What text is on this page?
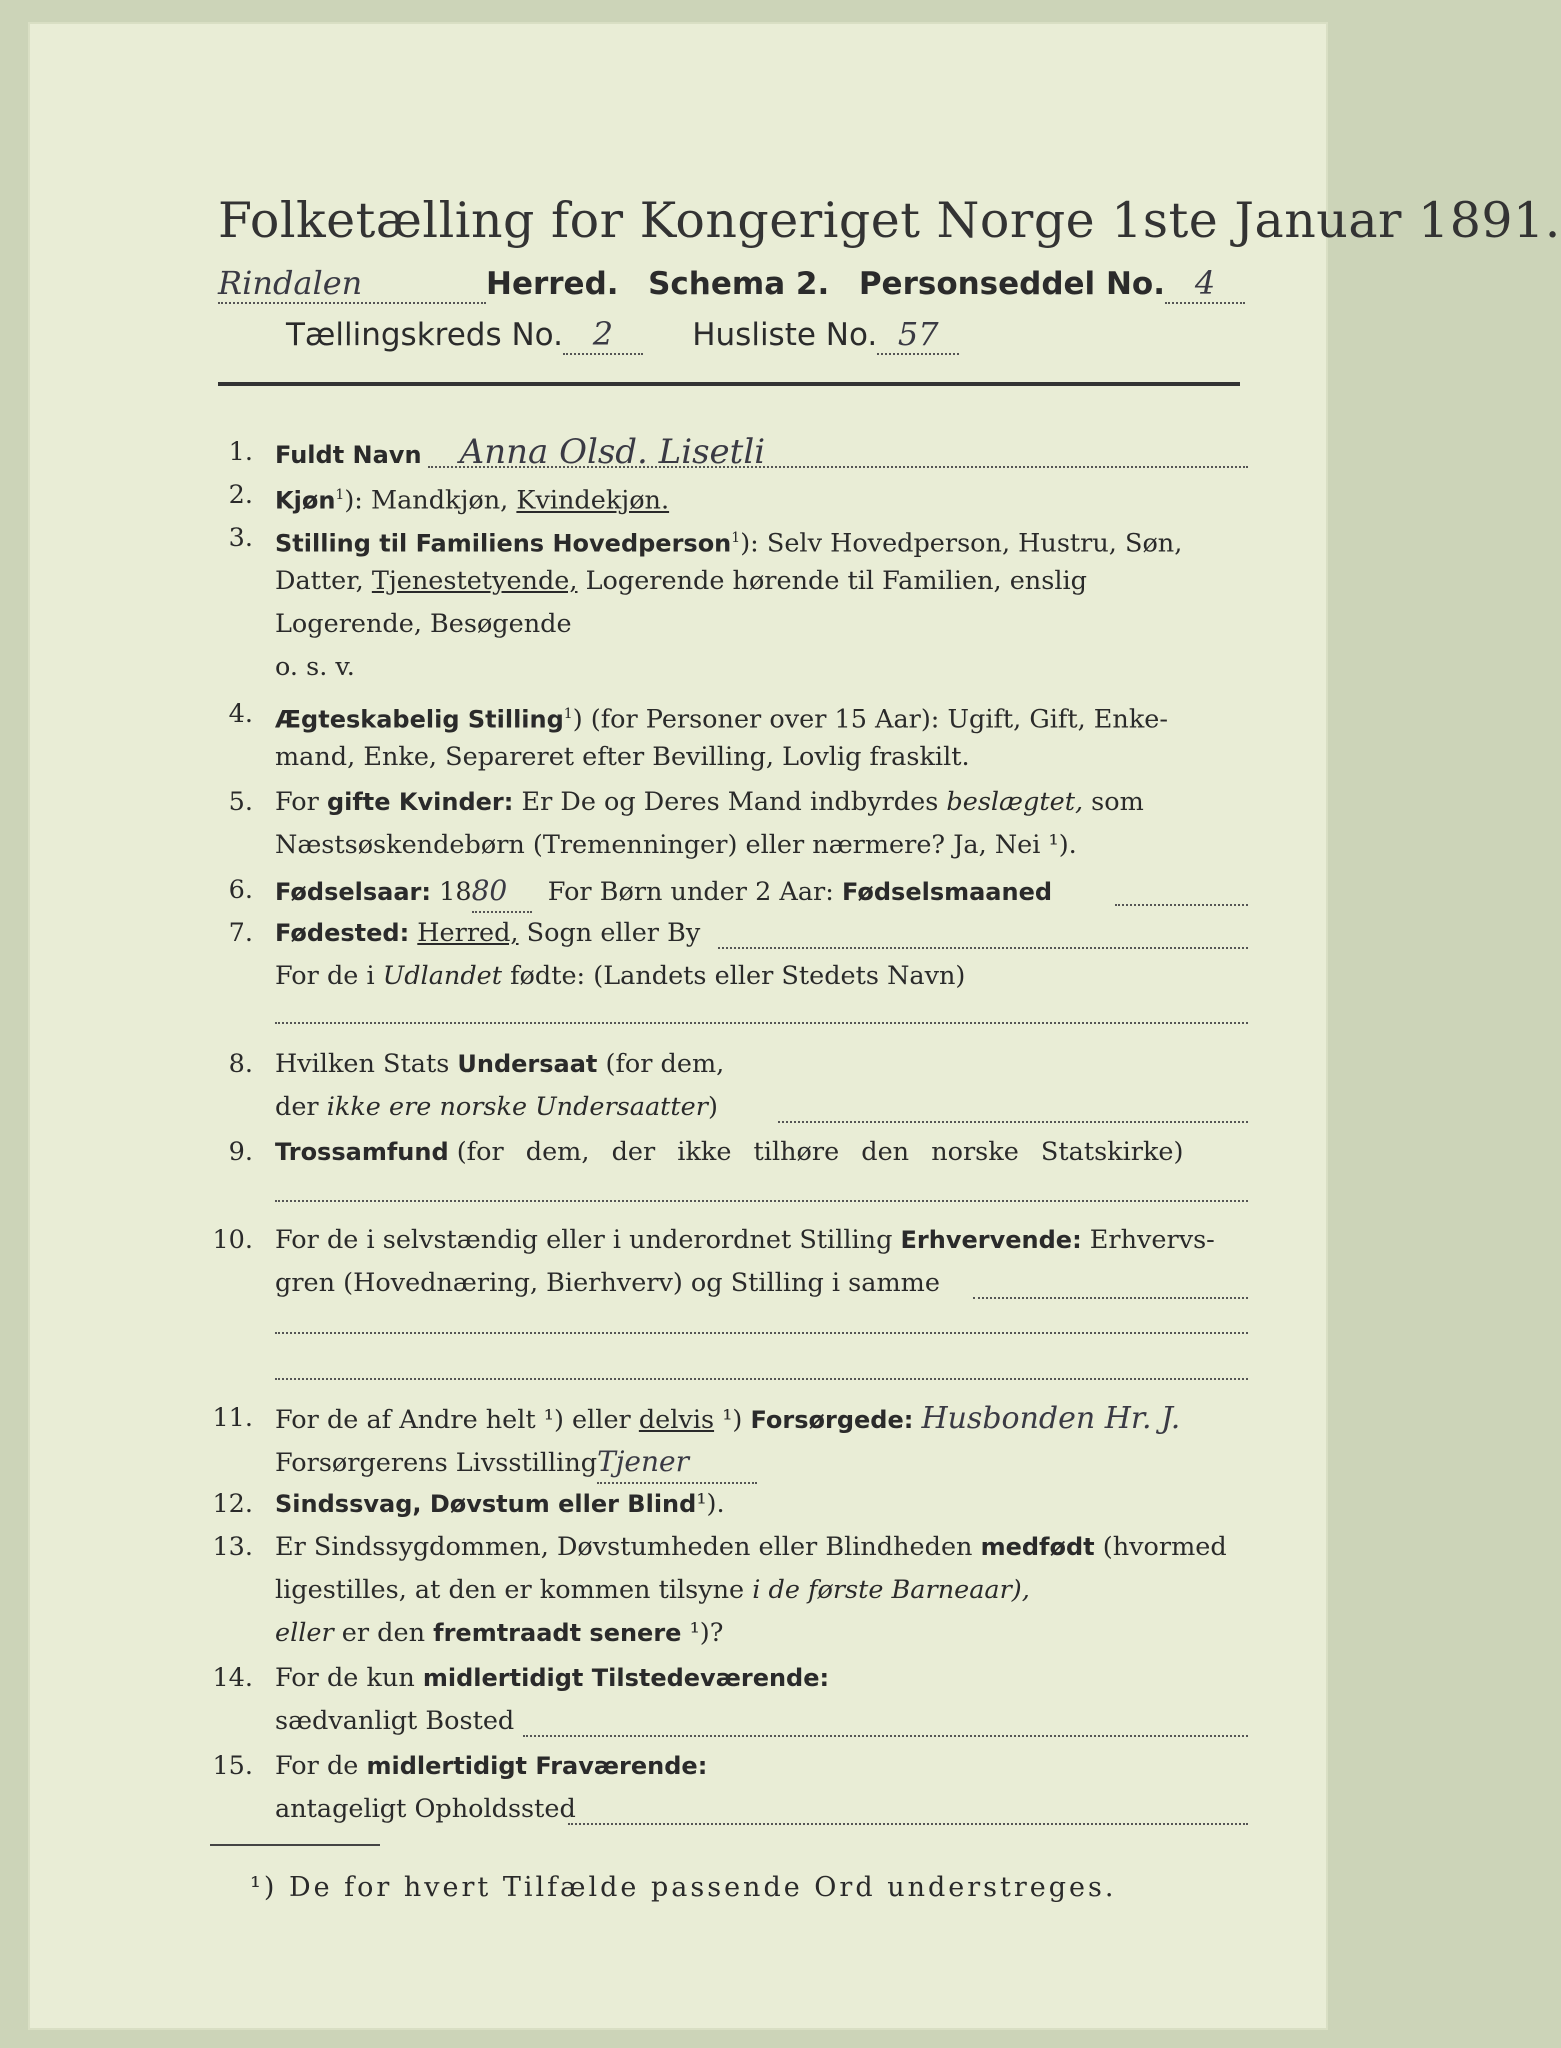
Folketælling for Kongeriget Norge 1ste Januar 1891.
Rindalen	Herred. Schema 2. Personseddel No. 4
Tællingskreds No. 2	Husliste No. 57
1. Fuldt Navn Anna Olsd. Lisetli
2. Kjøn$^1$): Mandkjøn, Kvindekjøn.
3. Stilling til Familiens Hovedperson$^1$): Selv Hovedperson, Hustru, Søn,
Datter, Tjenestetyende, Logerende hørende til Familien, enslig
Logerende, Besøgende
o. s. v.
4. Ægteskabelig Stilling$^1$) (for Personer over 15 Aar): Ugift, Gift, Enke-
mand, Enke, Separeret efter Bevilling, Lovlig fraskilt.
5. For gifte Kvinder: Er De og Deres Mand indbyrdes beslægtet, som
Næstsøskendebørn (Tremenninger) eller nærmere? Ja, Nei ¹).
6. Fødselsaar: 1880 For Børn under 2 Aar: Fødselsmaaned
7. Fødested: Herred, Sogn eller By
For de i Udlandet fødte: (Landets eller Stedets Navn)
8. Hvilken Stats Undersaat (for dem,
der ikke ere norske Undersaatter)
9. Trossamfund (for dem, der ikke tilhøre den norske Statskirke)
10. For de i selvstændig eller i underordnet Stilling Erhvervende: Erhvervs-
gren (Hovednæring, Bierhverv) og Stilling i samme
11. For de af Andre helt ¹) eller delvis ¹) Forsørgede: Husbonden Hr. J.
Forsørgerens LivsstillingTjener
12. Sindssvag, Døvstum eller Blind¹).
13. Er Sindssygdommen, Døvstumheden eller Blindheden medfødt (hvormed
ligestilles, at den er kommen tilsyne i de første Barneaar),
eller er den fremtraadt senere ¹)?
14. For de kun midlertidigt Tilstedeværende:
sædvanligt Bosted
15. For de midlertidigt Fraværende:
antageligt Opholdssted
¹) De for hvert Tilfælde passende Ord understreges.
